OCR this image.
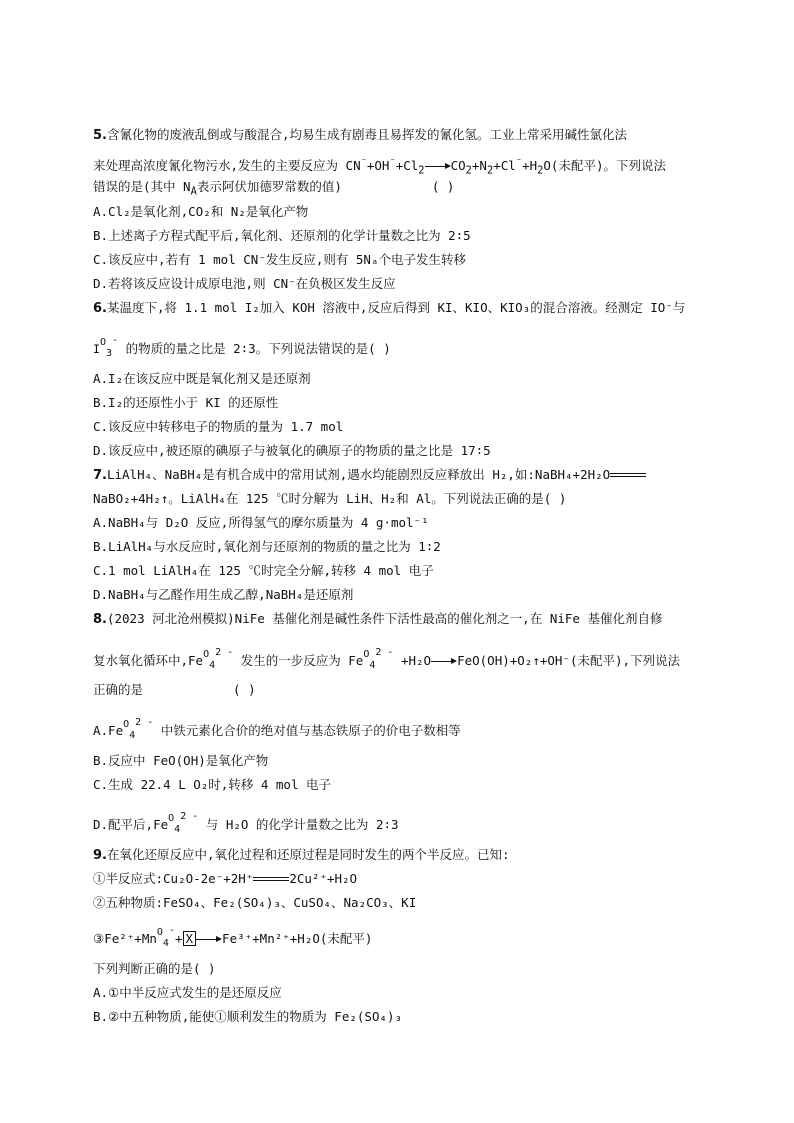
5.含氰化物的废液乱倒或与酸混合,均易生成有剧毒且易挥发的氰化氢。工业上常采用碱性氯化法
来处理高浓度氰化物污水,发生的主要反应为 $CN^{^-}+OH^{^-}+Cl_2$ $CO_2+N_2+Cl^{^-}+H_2O$(未配平)。下列说法
错误的是(其中 $N_A$表示阿伏加德罗常数的值)	( )
A.Cl₂是氧化剂,CO₂和 N₂是氧化产物
B.上述离子方程式配平后,氧化剂、还原剂的化学计量数之比为 2∶5
C.该反应中,若有 1 mol CN⁻发生反应,则有 5Nₐ个电子发生转移
D.若将该反应设计成原电池,则 CN⁻在负极区发生反应
6.某温度下,将 1.1 mol I₂加入 KOH 溶液中,反应后得到 KI、KIO、KIO₃的混合溶液。经测定 IO⁻与
IO3- 的物质的量之比是 2∶3。下列说法错误的是( )
A.I₂在该反应中既是氧化剂又是还原剂
B.I₂的还原性小于 KI 的还原性
C.该反应中转移电子的物质的量为 1.7 mol
D.该反应中,被还原的碘原子与被氧化的碘原子的物质的量之比是 17∶5
7.LiAlH₄、NaBH₄是有机合成中的常用试剂,遇水均能剧烈反应释放出 H₂,如:NaBH₄+2H₂O
NaBO₂+4H₂↑。LiAlH₄在 125 ℃时分解为 LiH、H₂和 Al。下列说法正确的是( )
A.NaBH₄与 D₂O 反应,所得氢气的摩尔质量为 4 g·mol⁻¹
B.LiAlH₄与水反应时,氧化剂与还原剂的物质的量之比为 1∶2
C.1 mol LiAlH₄在 125 ℃时完全分解,转移 4 mol 电子
D.NaBH₄与乙醛作用生成乙醇,NaBH₄是还原剂
8.(2023 河北沧州模拟)NiFe 基催化剂是碱性条件下活性最高的催化剂之一,在 NiFe 基催化剂自修
复水氧化循环中,FeO42 - 发生的一步反应为 FeO42 - +H₂O FeO(OH)+O₂↑+OH⁻(未配平),下列说法
正确的是	( )
A.FeO42 - 中铁元素化合价的绝对值与基态铁原子的价电子数相等
B.反应中 FeO(OH)是氧化产物
C.生成 22.4 L O₂时,转移 4 mol 电子
D.配平后,FeO42 - 与 H₂O 的化学计量数之比为 2∶3
9.在氧化还原反应中,氧化过程和还原过程是同时发生的两个半反应。已知:
①半反应式:Cu₂O-2e⁻+2H⁺	2Cu²⁺+H₂O
②五种物质:FeSO₄、Fe₂(SO₄)₃、CuSO₄、Na₂CO₃、KI
③Fe²⁺+MnO4-+ X Fe³⁺+Mn²⁺+H₂O(未配平)
下列判断正确的是( )
A.①中半反应式发生的是还原反应
B.②中五种物质,能使①顺利发生的物质为 Fe₂(SO₄)₃
